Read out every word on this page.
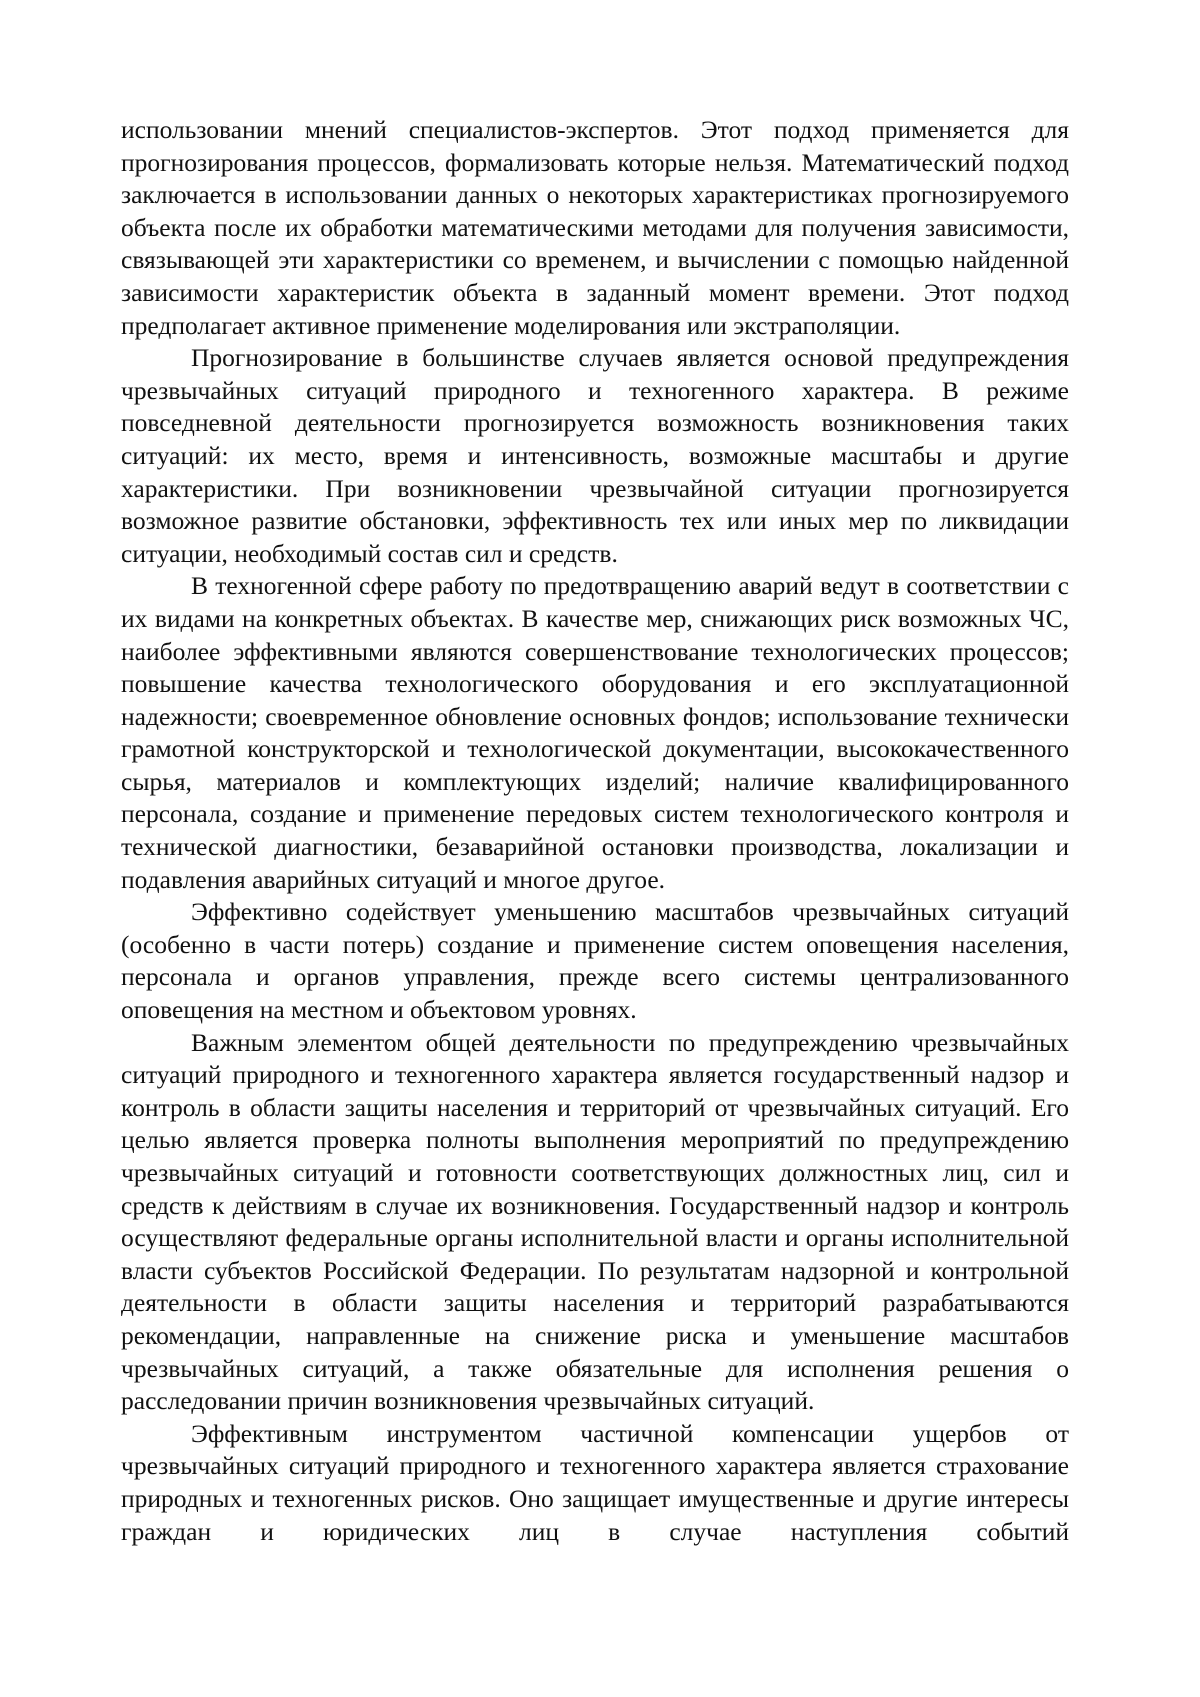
использовании мнений специалистов-экспертов. Этот подход применяется для прогнозирования процессов, формализовать которые нельзя. Математический подход заключается в использовании данных о некоторых характеристиках прогнозируемого объекта после их обработки математическими методами для получения зависимости, связывающей эти характеристики со временем, и вычислении с помощью найденной зависимости характеристик объекта в заданный момент времени. Этот подход предполагает активное применение моделирования или экстраполяции.

Прогнозирование в большинстве случаев является основой предупреждения чрезвычайных ситуаций природного и техногенного характера. В режиме повседневной деятельности прогнозируется возможность возникновения таких ситуаций: их место, время и интенсивность, возможные масштабы и другие характеристики. При возникновении чрезвычайной ситуации прогнозируется возможное развитие обстановки, эффективность тех или иных мер по ликвидации ситуации, необходимый состав сил и средств.

В техногенной сфере работу по предотвращению аварий ведут в соответствии с их видами на конкретных объектах. В качестве мер, снижающих риск возможных ЧС, наиболее эффективными являются совершенствование технологических процессов; повышение качества технологического оборудования и его эксплуатационной надежности; своевременное обновление основных фондов; использование технически грамотной конструкторской и технологической документации, высококачественного сырья, материалов и комплектующих изделий; наличие квалифицированного персонала, создание и применение передовых систем технологического контроля и технической диагностики, безаварийной остановки производства, локализации и подавления аварийных ситуаций и многое другое.

Эффективно содействует уменьшению масштабов чрезвычайных ситуаций (особенно в части потерь) создание и применение систем оповещения населения, персонала и органов управления, прежде всего системы централизованного оповещения на местном и объектовом уровнях.

Важным элементом общей деятельности по предупреждению чрезвычайных ситуаций природного и техногенного характера является государственный надзор и контроль в области защиты населения и территорий от чрезвычайных ситуаций. Его целью является проверка полноты выполнения мероприятий по предупреждению чрезвычайных ситуаций и готовности соответствующих должностных лиц, сил и средств к действиям в случае их возникновения. Государственный надзор и контроль осуществляют федеральные органы исполнительной власти и органы исполнительной власти субъектов Российской Федерации. По результатам надзорной и контрольной деятельности в области защиты населения и территорий разрабатываются рекомендации, направленные на снижение риска и уменьшение масштабов чрезвычайных ситуаций, а также обязательные для исполнения решения о расследовании причин возникновения чрезвычайных ситуаций.

Эффективным инструментом частичной компенсации ущербов от чрезвычайных ситуаций природного и техногенного характера является страхование природных и техногенных рисков. Оно защищает имущественные и другие интересы граждан и юридических лиц в случае наступления событий
